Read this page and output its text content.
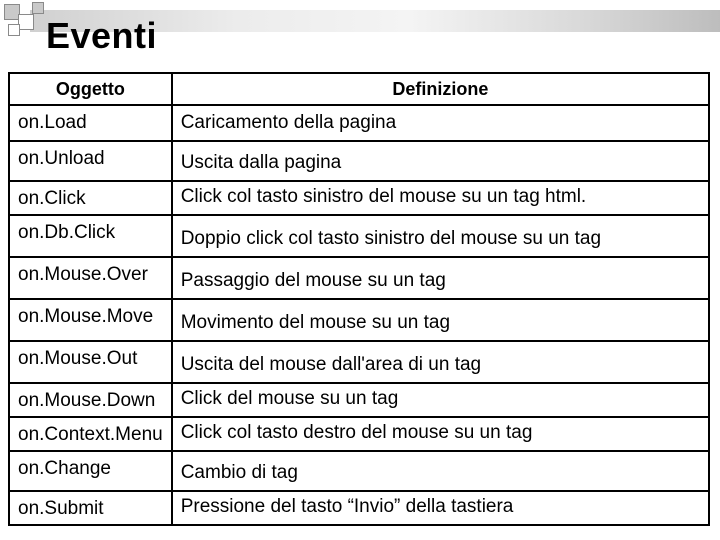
Eventi
Oggetto	Definizione
on.Load	Caricamento della pagina
on.Unload	Uscita dalla pagina
on.Click	Click col tasto sinistro del mouse su un tag html.
on.Db.Click	Doppio click col tasto sinistro del mouse su un tag
on.Mouse.Over	Passaggio del mouse su un tag
on.Mouse.Move	Movimento del mouse su un tag
on.Mouse.Out	Uscita del mouse dall'area di un tag
on.Mouse.Down	Click del mouse su un tag
on.Context.Menu	Click col tasto destro del mouse su un tag
on.Change	Cambio di tag
on.Submit	Pressione del tasto “Invio” della tastiera
